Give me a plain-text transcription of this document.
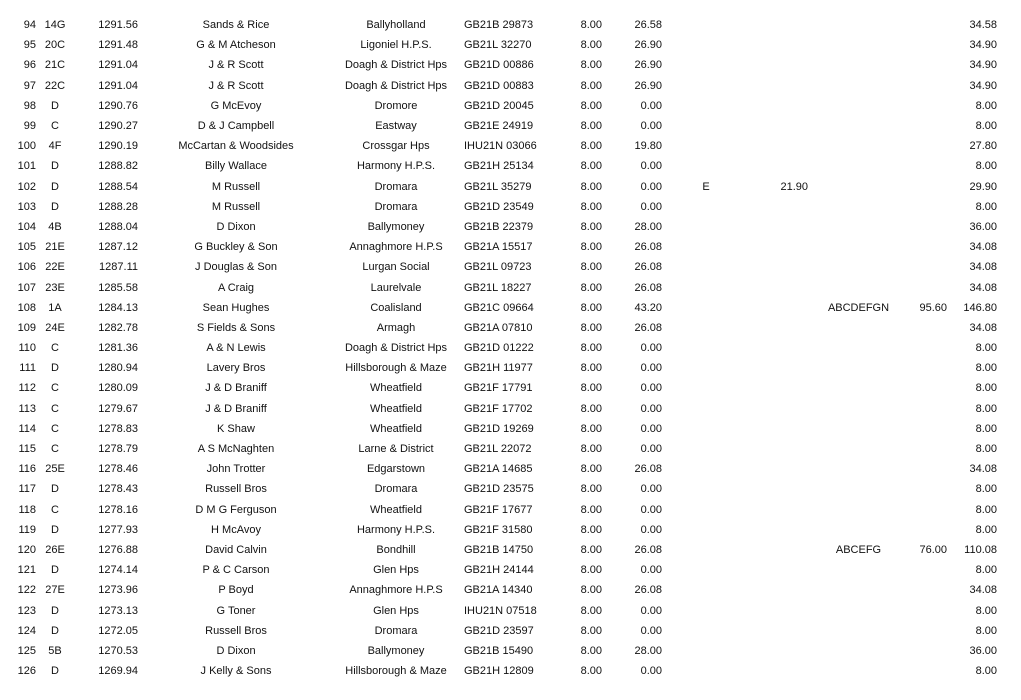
94	14G	1291.56	Sands & Rice	Ballyholland	GB21B 29873	8.00	26.58					34.58
95	20C	1291.48	G & M Atcheson	Ligoniel H.P.S.	GB21L 32270	8.00	26.90					34.90
96	21C	1291.04	J & R Scott	Doagh & District Hps	GB21D 00886	8.00	26.90					34.90
97	22C	1291.04	J & R Scott	Doagh & District Hps	GB21D 00883	8.00	26.90					34.90
98	D	1290.76	G McEvoy	Dromore	GB21D 20045	8.00	0.00					8.00
99	C	1290.27	D & J Campbell	Eastway	GB21E 24919	8.00	0.00					8.00
100	4F	1290.19	McCartan & Woodsides	Crossgar Hps	IHU21N 03066	8.00	19.80					27.80
101	D	1288.82	Billy Wallace	Harmony H.P.S.	GB21H 25134	8.00	0.00					8.00
102	D	1288.54	M Russell	Dromara	GB21L 35279	8.00	0.00	E	21.90			29.90
103	D	1288.28	M Russell	Dromara	GB21D 23549	8.00	0.00					8.00
104	4B	1288.04	D Dixon	Ballymoney	GB21B 22379	8.00	28.00					36.00
105	21E	1287.12	G Buckley & Son	Annaghmore H.P.S	GB21A 15517	8.00	26.08					34.08
106	22E	1287.11	J Douglas & Son	Lurgan Social	GB21L 09723	8.00	26.08					34.08
107	23E	1285.58	A Craig	Laurelvale	GB21L 18227	8.00	26.08					34.08
108	1A	1284.13	Sean Hughes	Coalisland	GB21C 09664	8.00	43.20			ABCDEFGN	95.60	146.80
109	24E	1282.78	S Fields & Sons	Armagh	GB21A 07810	8.00	26.08					34.08
110	C	1281.36	A & N Lewis	Doagh & District Hps	GB21D 01222	8.00	0.00					8.00
111	D	1280.94	Lavery Bros	Hillsborough & Maze	GB21H 11977	8.00	0.00					8.00
112	C	1280.09	J & D Braniff	Wheatfield	GB21F 17791	8.00	0.00					8.00
113	C	1279.67	J & D Braniff	Wheatfield	GB21F 17702	8.00	0.00					8.00
114	C	1278.83	K Shaw	Wheatfield	GB21D 19269	8.00	0.00					8.00
115	C	1278.79	A S McNaghten	Larne & District	GB21L 22072	8.00	0.00					8.00
116	25E	1278.46	John Trotter	Edgarstown	GB21A 14685	8.00	26.08					34.08
117	D	1278.43	Russell Bros	Dromara	GB21D 23575	8.00	0.00					8.00
118	C	1278.16	D M G Ferguson	Wheatfield	GB21F 17677	8.00	0.00					8.00
119	D	1277.93	H McAvoy	Harmony H.P.S.	GB21F 31580	8.00	0.00					8.00
120	26E	1276.88	David Calvin	Bondhill	GB21B 14750	8.00	26.08			ABCEFG	76.00	110.08
121	D	1274.14	P & C Carson	Glen Hps	GB21H 24144	8.00	0.00					8.00
122	27E	1273.96	P Boyd	Annaghmore H.P.S	GB21A 14340	8.00	26.08					34.08
123	D	1273.13	G Toner	Glen Hps	IHU21N 07518	8.00	0.00					8.00
124	D	1272.05	Russell Bros	Dromara	GB21D 23597	8.00	0.00					8.00
125	5B	1270.53	D Dixon	Ballymoney	GB21B 15490	8.00	28.00					36.00
126	D	1269.94	J Kelly & Sons	Hillsborough & Maze	GB21H 12809	8.00	0.00					8.00
